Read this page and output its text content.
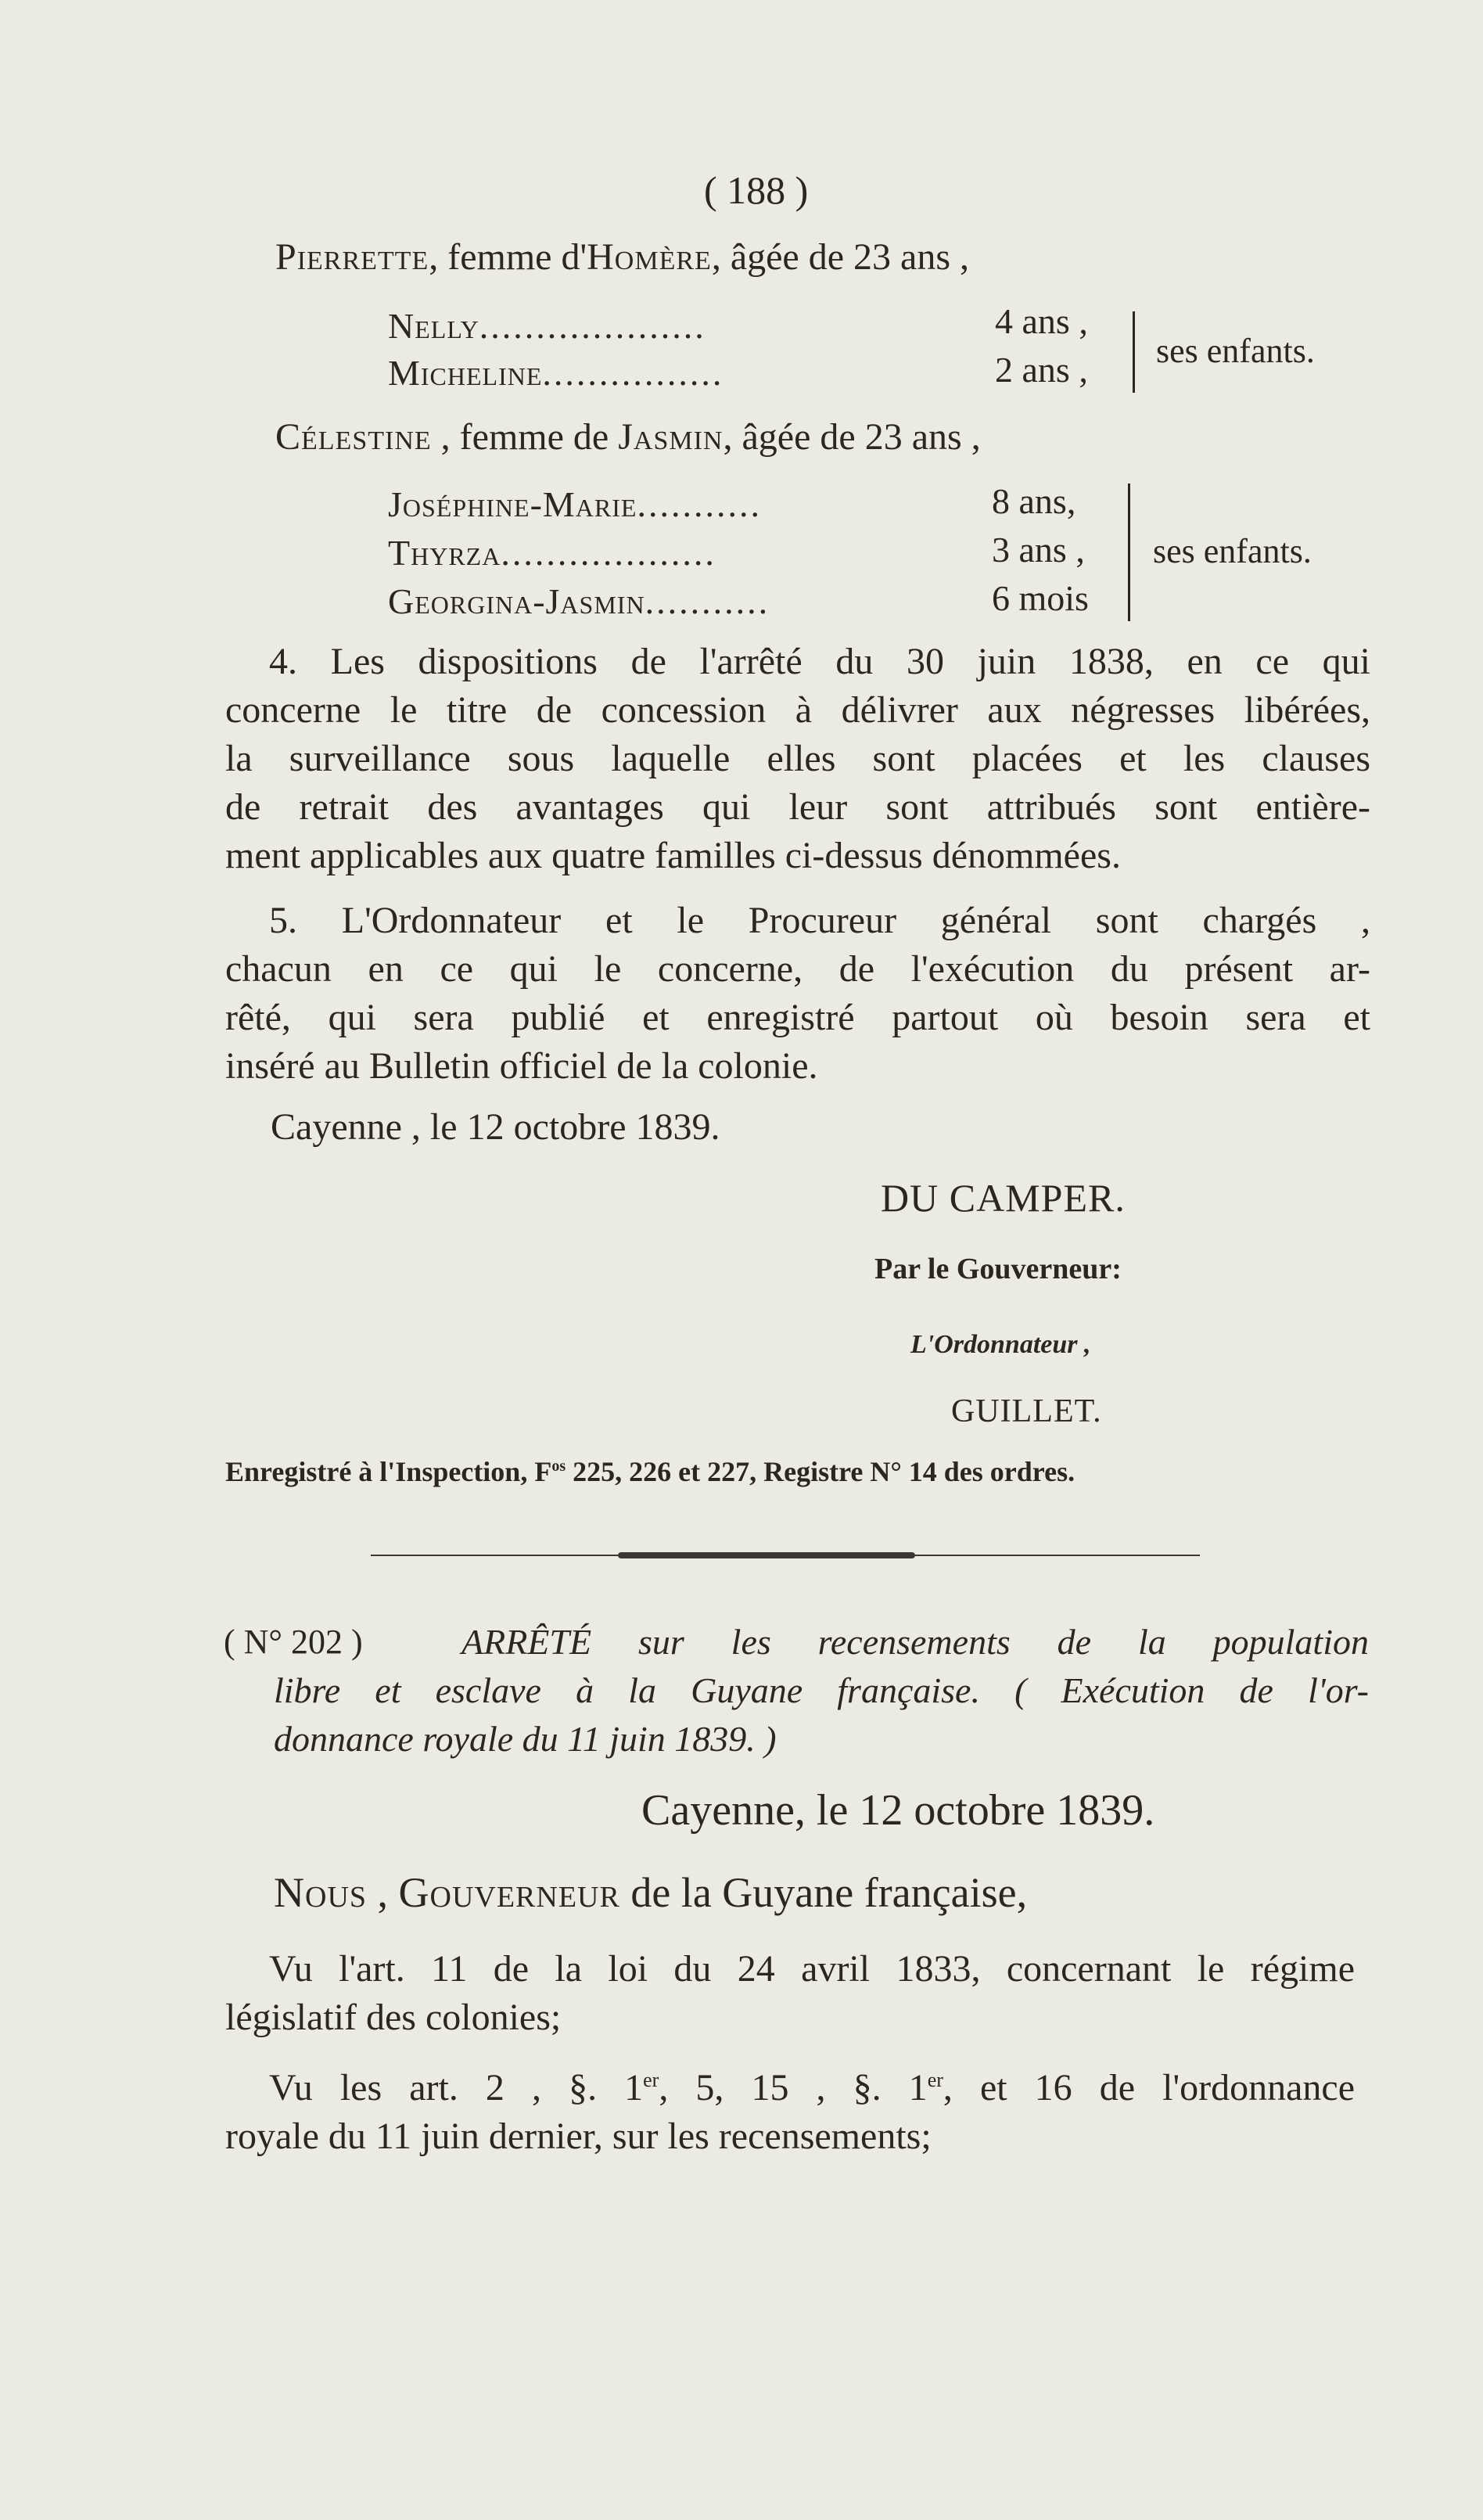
( 188 )
Pierrette, femme d'Homère, âgée de 23 ans ,
Nelly....................	4 ans ,
Micheline................	2 ans , ses enfants.
Célestine , femme de Jasmin, âgée de 23 ans ,
Joséphine-Marie...........	8 ans,
Thyrza...................	3 ans ,
Georgina-Jasmin...........	6 mois
ses enfants.
4. Les dispositions de l'arrêté du 30 juin 1838, en ce qui
concerne le titre de concession à délivrer aux négresses libérées,
la surveillance sous laquelle elles sont placées et les clauses
de retrait des avantages qui leur sont attribués sont entière-
ment applicables aux quatre familles ci-dessus dénommées.
5. L'Ordonnateur et le Procureur général sont chargés ,
chacun en ce qui le concerne, de l'exécution du présent ar-
rêté, qui sera publié et enregistré partout où besoin sera et
inséré au Bulletin officiel de la colonie.
Cayenne , le 12 octobre 1839.
DU CAMPER.
Par le Gouverneur:
L'Ordonnateur ,
GUILLET.
Enregistré à l'Inspection, $F^{os}$ 225, 226 et 227, Registre N° 14 des ordres.
( N° 202 )	ARRÊTÉ sur les recensements de la population
libre et esclave à la Guyane française. ( Exécution de l'or-
donnance royale du 11 juin 1839. )
Cayenne, le 12 octobre 1839.
Nous , Gouverneur de la Guyane française,
Vu l'art. 11 de la loi du 24 avril 1833, concernant le régime
législatif des colonies;
Vu les art. 2 , §. 1er, 5, 15 , §. 1er, et 16 de l'ordonnance
royale du 11 juin dernier, sur les recensements;
